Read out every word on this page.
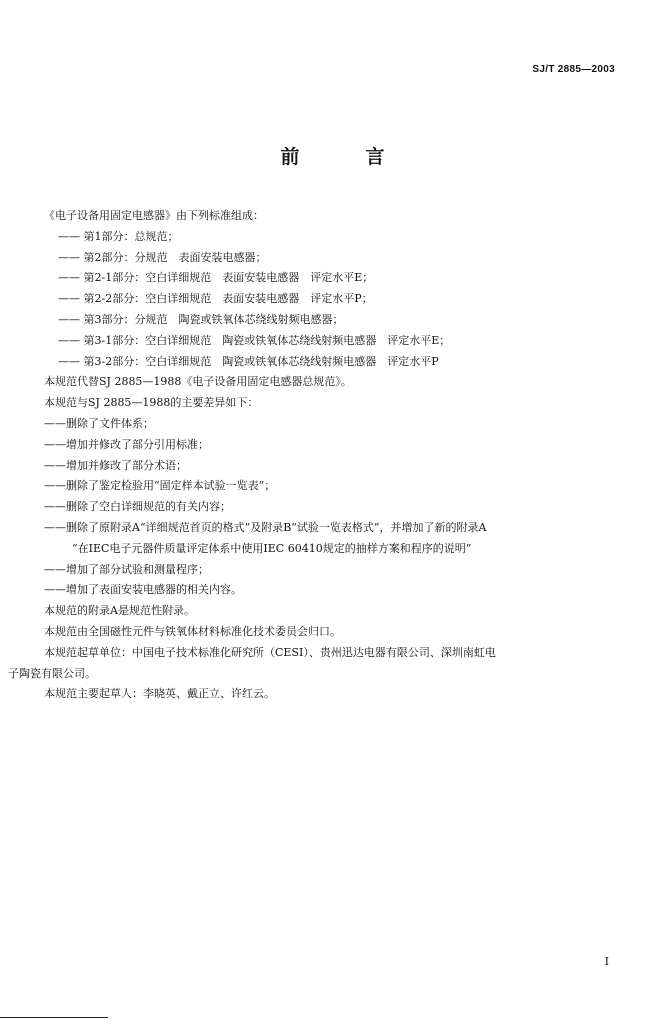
SJ/T 2885—2003
前言
《电子设备用固定电感器》由下列标准组成：
—— 第1部分：总规范；
—— 第2部分：分规范　表面安装电感器；
—— 第2-1部分：空白详细规范　表面安装电感器　评定水平E；
—— 第2-2部分：空白详细规范　表面安装电感器　评定水平P；
—— 第3部分：分规范　陶瓷或铁氧体芯绕线射频电感器；
—— 第3-1部分：空白详细规范　陶瓷或铁氧体芯绕线射频电感器　评定水平E；
—— 第3-2部分：空白详细规范　陶瓷或铁氧体芯绕线射频电感器　评定水平P
本规范代替SJ 2885—1988《电子设备用固定电感器总规范》。
本规范与SJ 2885—1988的主要差异如下：
——删除了文件体系；
——增加并修改了部分引用标准；
——增加并修改了部分术语；
——删除了鉴定检验用“固定样本试验一览表”；
——删除了空白详细规范的有关内容；
——删除了原附录A“详细规范首页的格式”及附录B“试验一览表格式”，并增加了新的附录A
“在IEC电子元器件质量评定体系中使用IEC 60410规定的抽样方案和程序的说明”
——增加了部分试验和测量程序；
——增加了表面安装电感器的相关内容。
本规范的附录A是规范性附录。
本规范由全国磁性元件与铁氧体材料标准化技术委员会归口。
本规范起草单位：中国电子技术标准化研究所（CESI）、贵州迅达电器有限公司、深圳南虹电
子陶瓷有限公司。
本规范主要起草人：李晓英、戴正立、许红云。
I
